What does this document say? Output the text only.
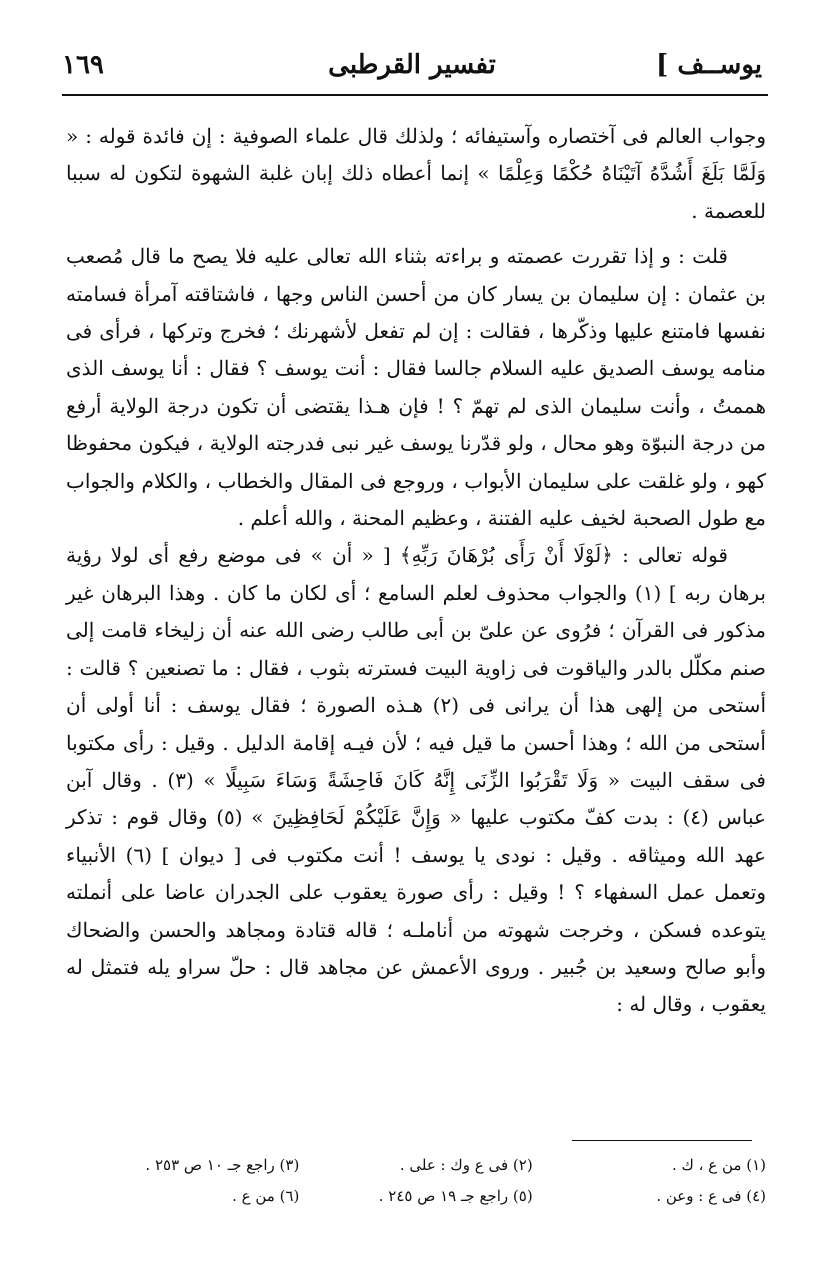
١٦٩	تفسير القرطبى	يوســف ]

وجواب العالم فى آختصاره وآستيفائه ؛ ولذلك قال علماء الصوفية : إن فائدة قوله : « وَلَمَّا بَلَغَ أَشُدَّهُ آتَيْنَاهُ حُكْمًا وَعِلْمًا » إنما أعطاه ذلك إبان غلبة الشهوة لتكون له سببا للعصمة .

قلت : و إذا تقررت عصمته و براءته بثناء الله تعالى عليه فلا يصح ما قال مُصعب بن عثمان : إن سليمان بن يسار كان من أحسن الناس وجها ، فاشتاقته آمرأة فسامته نفسها فامتنع عليها وذكّرها ، فقالت : إن لم تفعل لأشهرنك ؛ فخرج وتركها ، فرأى فى منامه يوسف الصديق عليه السلام جالسا فقال : أنت يوسف ؟ فقال : أنا يوسف الذى هممتُ ، وأنت سليمان الذى لم تهمّ ؟ ! فإن هـذا يقتضى أن تكون درجة الولاية أرفع من درجة النبوّة وهو محال ، ولو قدّرنا يوسف غير نبى فدرجته الولاية ، فيكون محفوظا كهو ، ولو غلقت على سليمان الأبواب ، وروجع فى المقال والخطاب ، والكلام والجواب مع طول الصحبة لخيف عليه الفتنة ، وعظيم المحنة ، والله أعلم .

قوله تعالى : ﴿لَوْلَا أَنْ رَأَى بُرْهَانَ رَبِّهِ﴾ [ « أن » فى موضع رفع أى لولا رؤية برهان ربه ] (١) والجواب محذوف لعلم السامع ؛ أى لكان ما كان . وهذا البرهان غير مذكور فى القرآن ؛ فرُوى عن علىّ بن أبى طالب رضى الله عنه أن زليخاء قامت إلى صنم مكلّل بالدر والياقوت فى زاوية البيت فسترته بثوب ، فقال : ما تصنعين ؟ قالت : أستحى من إلهى هذا أن يرانى فى (٢) هـذه الصورة ؛ فقال يوسف : أنا أولى أن أستحى من الله ؛ وهذا أحسن ما قيل فيه ؛ لأن فيـه إقامة الدليل . وقيل : رأى مكتوبا فى سقف البيت « وَلَا تَقْرَبُوا الزِّنَى إِنَّهُ كَانَ فَاحِشَةً وَسَاءَ سَبِيلًا » (٣) . وقال آبن عباس (٤) : بدت كفّ مكتوب عليها « وَإِنَّ عَلَيْكُمْ لَحَافِظِينَ » (٥) وقال قوم : تذكر عهد الله وميثاقه . وقيل : نودى يا يوسف ! أنت مكتوب فى [ ديوان ] (٦) الأنبياء وتعمل عمل السفهاء ؟ ! وقيل : رأى صورة يعقوب على الجدران عاضا على أنملته يتوعده فسكن ، وخرجت شهوته من أناملـه ؛ قاله قتادة ومجاهد والحسن والضحاك وأبو صالح وسعيد بن جُبير . وروى الأعمش عن مجاهد قال : حلّ سراو يله فتمثل له يعقوب ، وقال له :

(١) من ع ، ك .
(٢) فى ع وك : على .
(٣) راجع جـ ١٠ ص ٢٥٣ .
(٤) فى ع : وعن .
(٥) راجع جـ ١٩ ص ٢٤٥ .
(٦) من ع .
